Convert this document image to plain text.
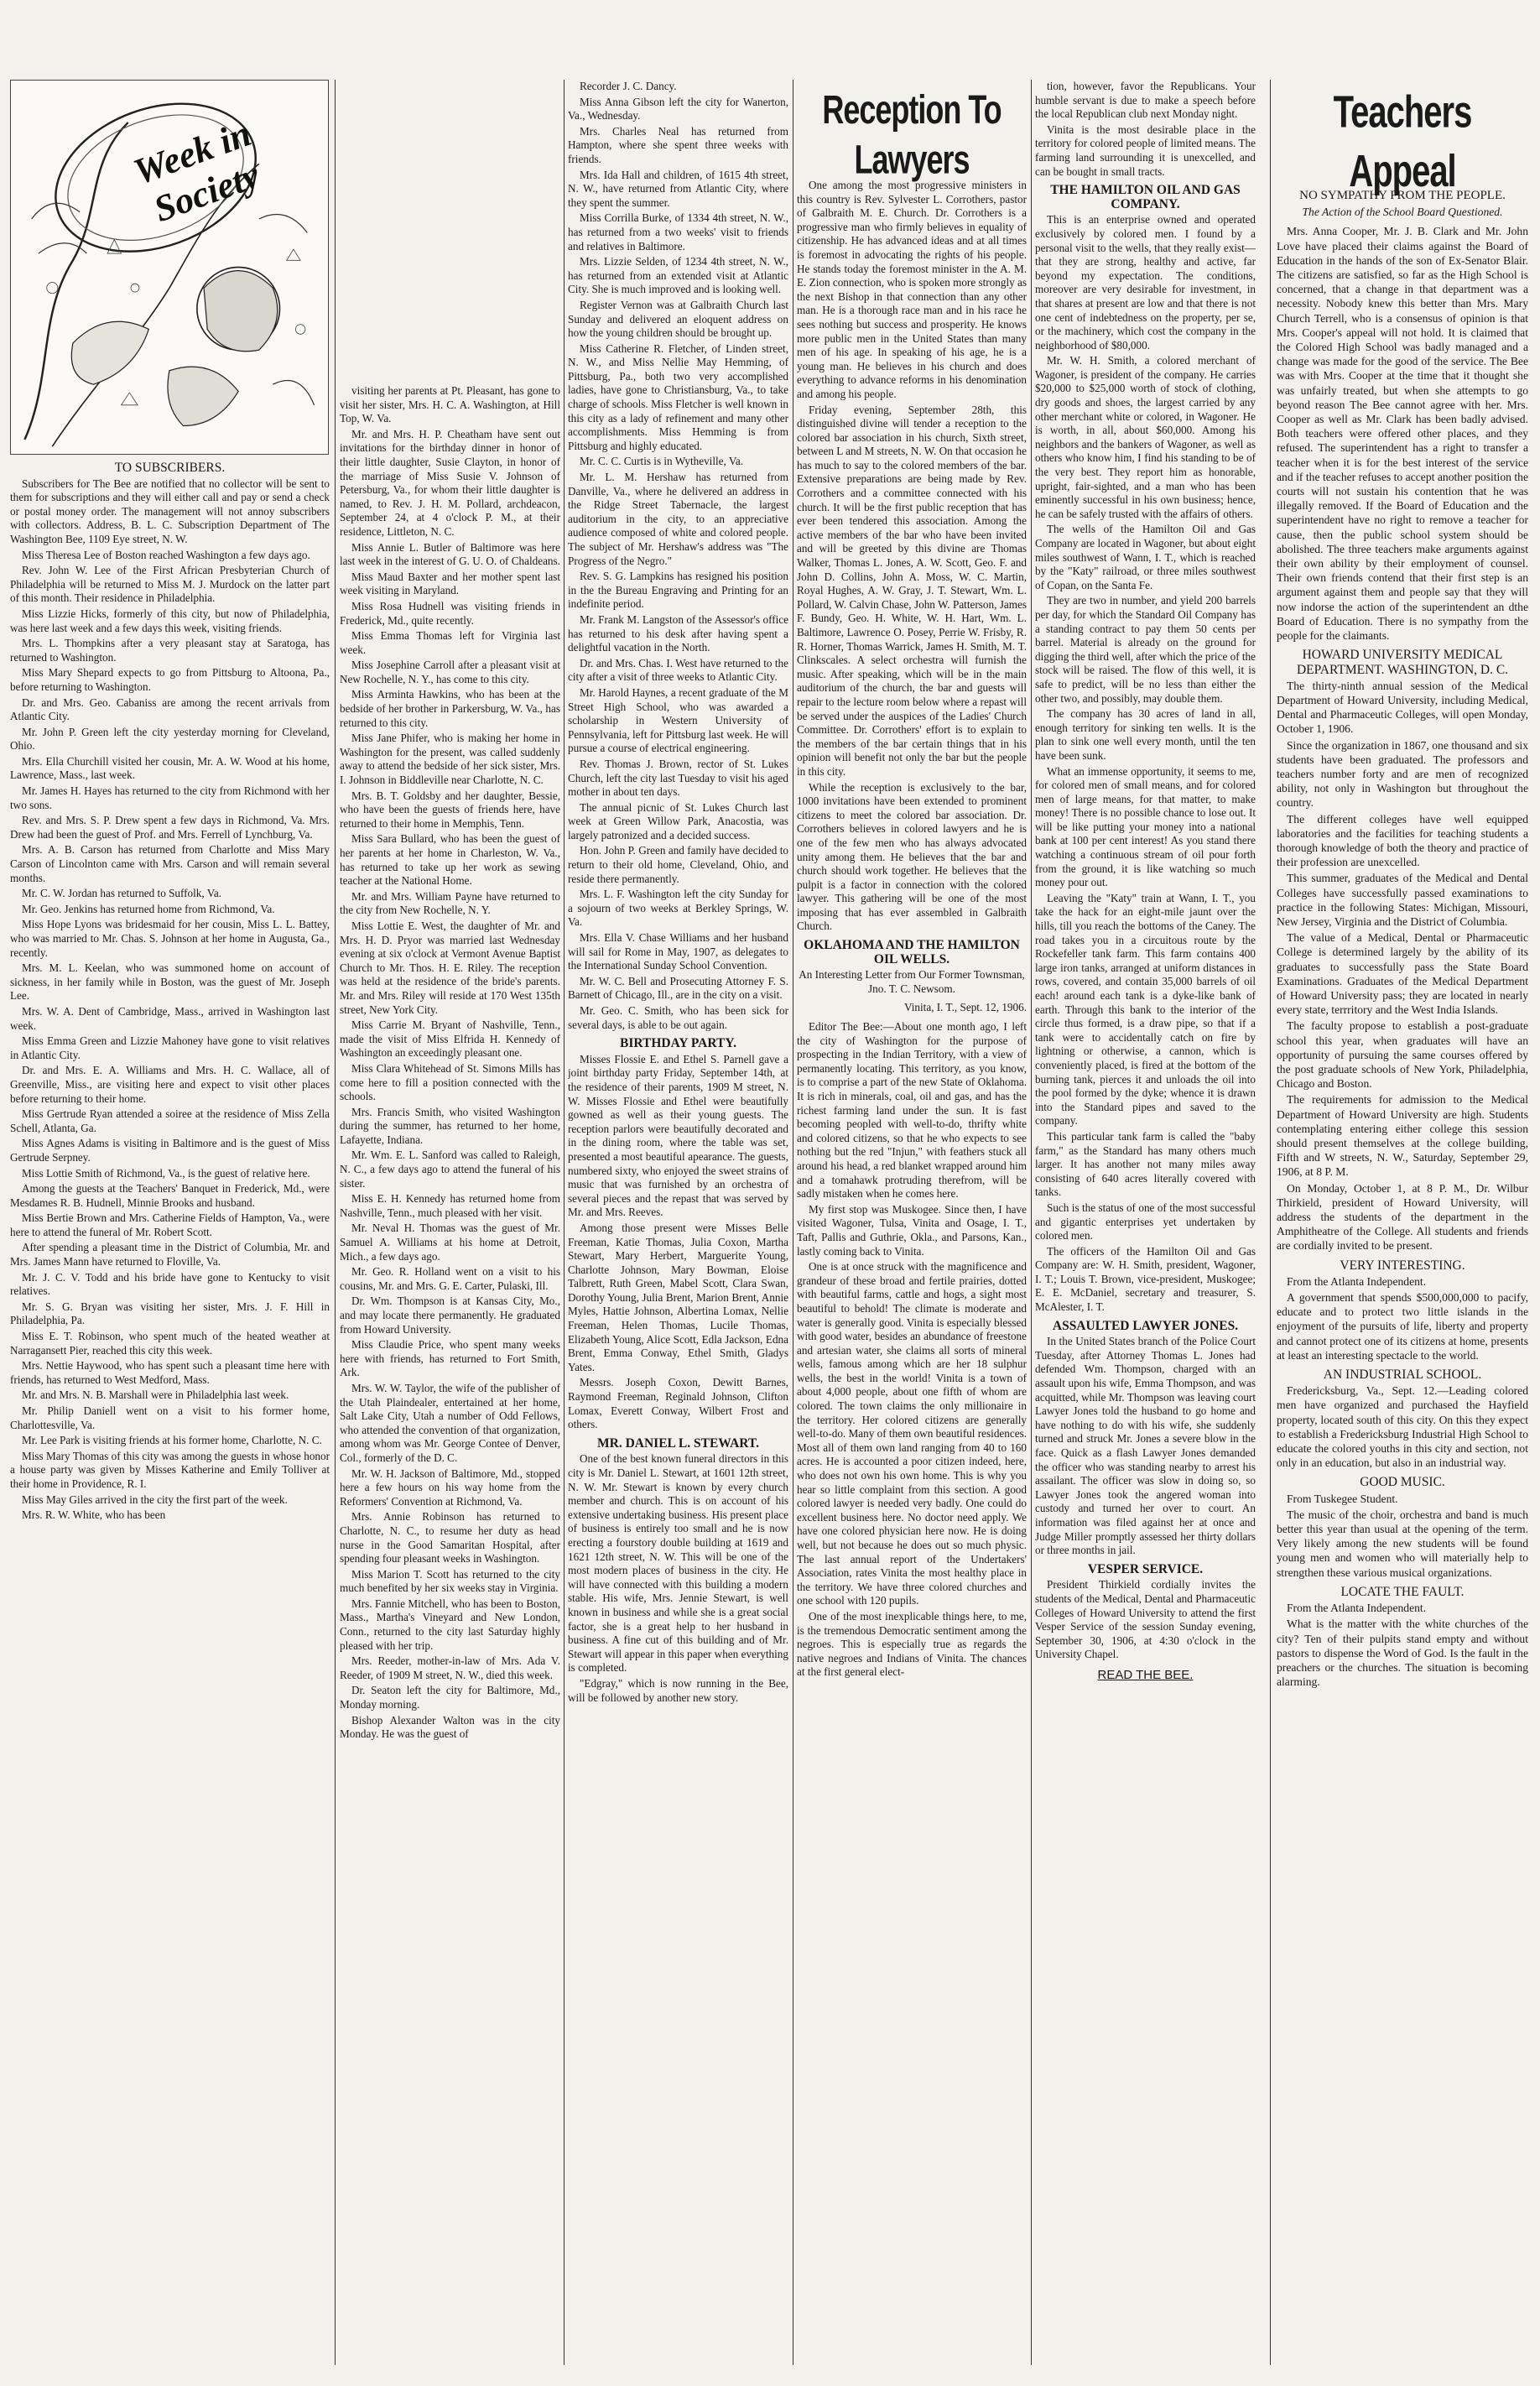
Week in Society
TO SUBSCRIBERS.

Subscribers for The Bee are notified that no collector will be sent to them for subscriptions and they will either call and pay or send a check or postal money order. The management will not annoy subscribers with collectors. Address, B. L. C. Subscription Department of The Washington Bee, 1109 Eye street, N. W.

Miss Theresa Lee of Boston reached Washington a few days ago.

Rev. John W. Lee of the First African Presbyterian Church of Philadelphia will be returned to Miss M. J. Murdock on the latter part of this month. Their residence in Philadelphia.

Miss Lizzie Hicks, formerly of this city, but now of Philadelphia, was here last week and a few days this week, visiting friends.

Mrs. L. Thompkins after a very pleasant stay at Saratoga, has returned to Washington.

Miss Mary Shepard expects to go from Pittsburg to Altoona, Pa., before returning to Washington.

Dr. and Mrs. Geo. Cabaniss are among the recent arrivals from Atlantic City.

Mr. John P. Green left the city yesterday morning for Cleveland, Ohio.

Mrs. Ella Churchill visited her cousin, Mr. A. W. Wood at his home, Lawrence, Mass., last week.

Mr. James H. Hayes has returned to the city from Richmond with her two sons.

Rev. and Mrs. S. P. Drew spent a few days in Richmond, Va. Mrs. Drew had been the guest of Prof. and Mrs. Ferrell of Lynchburg, Va.

Mrs. A. B. Carson has returned from Charlotte and Miss Mary Carson of Lincolnton came with Mrs. Carson and will remain several months.

Mr. C. W. Jordan has returned to Suffolk, Va.

Mr. Geo. Jenkins has returned home from Richmond, Va.

Miss Hope Lyons was bridesmaid for her cousin, Miss L. L. Battey, who was married to Mr. Chas. S. Johnson at her home in Augusta, Ga., recently.

Mrs. M. L. Keelan, who was summoned home on account of sickness, in her family while in Boston, was the guest of Mr. Joseph Lee.

Mrs. W. A. Dent of Cambridge, Mass., arrived in Washington last week.

Miss Emma Green and Lizzie Mahoney have gone to visit relatives in Atlantic City.

Dr. and Mrs. E. A. Williams and Mrs. H. C. Wallace, all of Greenville, Miss., are visiting here and expect to visit other places before returning to their home.

Miss Gertrude Ryan attended a soiree at the residence of Miss Zella Schell, Atlanta, Ga.

Miss Agnes Adams is visiting in Baltimore and is the guest of Miss Gertrude Serpney.

Miss Lottie Smith of Richmond, Va., is the guest of relative here.

Among the guests at the Teachers' Banquet in Frederick, Md., were Mesdames R. B. Hudnell, Minnie Brooks and husband.

Miss Bertie Brown and Mrs. Catherine Fields of Hampton, Va., were here to attend the funeral of Mr. Robert Scott.

After spending a pleasant time in the District of Columbia, Mr. and Mrs. James Mann have returned to Floville, Va.

Mr. J. C. V. Todd and his bride have gone to Kentucky to visit relatives.

Mr. S. G. Bryan was visiting her sister, Mrs. J. F. Hill in Philadelphia, Pa.

Miss E. T. Robinson, who spent much of the heated weather at Narragansett Pier, reached this city this week.

Mrs. Nettie Haywood, who has spent such a pleasant time here with friends, has returned to West Medford, Mass.

Mr. and Mrs. N. B. Marshall were in Philadelphia last week.

Mr. Philip Daniell went on a visit to his former home, Charlottesville, Va.

Mr. Lee Park is visiting friends at his former home, Charlotte, N. C.

Miss Mary Thomas of this city was among the guests in whose honor a house party was given by Misses Katherine and Emily Tolliver at their home in Providence, R. I.

Miss May Giles arrived in the city the first part of the week.

Mrs. R. W. White, who has been

visiting her parents at Pt. Pleasant, has gone to visit her sister, Mrs. H. C. A. Washington, at Hill Top, W. Va.

Mr. and Mrs. H. P. Cheatham have sent out invitations for the birthday dinner in honor of their little daughter, Susie Clayton, in honor of the marriage of Miss Susie V. Johnson of Petersburg, Va., for whom their little daughter is named, to Rev. J. H. M. Pollard, archdeacon, September 24, at 4 o'clock P. M., at their residence, Littleton, N. C.

Miss Annie L. Butler of Baltimore was here last week in the interest of G. U. O. of Chaldeans.

Miss Maud Baxter and her mother spent last week visiting in Maryland.

Miss Rosa Hudnell was visiting friends in Frederick, Md., quite recently.

Miss Emma Thomas left for Virginia last week.

Miss Josephine Carroll after a pleasant visit at New Rochelle, N. Y., has come to this city.

Miss Arminta Hawkins, who has been at the bedside of her brother in Parkersburg, W. Va., has returned to this city.

Miss Jane Phifer, who is making her home in Washington for the present, was called suddenly away to attend the bedside of her sick sister, Mrs. I. Johnson in Biddleville near Charlotte, N. C.

Mrs. B. T. Goldsby and her daughter, Bessie, who have been the guests of friends here, have returned to their home in Memphis, Tenn.

Miss Sara Bullard, who has been the guest of her parents at her home in Charleston, W. Va., has returned to take up her work as sewing teacher at the National Home.

Mr. and Mrs. William Payne have returned to the city from New Rochelle, N. Y.

Miss Lottie E. West, the daughter of Mr. and Mrs. H. D. Pryor was married last Wednesday evening at six o'clock at Vermont Avenue Baptist Church to Mr. Thos. H. E. Riley. The reception was held at the residence of the bride's parents. Mr. and Mrs. Riley will reside at 170 West 135th street, New York City.

Miss Carrie M. Bryant of Nashville, Tenn., made the visit of Miss Elfrida H. Kennedy of Washington an exceedingly pleasant one.

Miss Clara Whitehead of St. Simons Mills has come here to fill a position connected with the schools.

Mrs. Francis Smith, who visited Washington during the summer, has returned to her home, Lafayette, Indiana.

Mr. Wm. E. L. Sanford was called to Raleigh, N. C., a few days ago to attend the funeral of his sister.

Miss E. H. Kennedy has returned home from Nashville, Tenn., much pleased with her visit.

Mr. Neval H. Thomas was the guest of Mr. Samuel A. Williams at his home at Detroit, Mich., a few days ago.

Mr. Geo. R. Holland went on a visit to his cousins, Mr. and Mrs. G. E. Carter, Pulaski, Ill.

Dr. Wm. Thompson is at Kansas City, Mo., and may locate there permanently. He graduated from Howard University.

Miss Claudie Price, who spent many weeks here with friends, has returned to Fort Smith, Ark.

Mrs. W. W. Taylor, the wife of the publisher of the Utah Plaindealer, entertained at her home, Salt Lake City, Utah a number of Odd Fellows, who attended the convention of that organization, among whom was Mr. George Contee of Denver, Col., formerly of the D. C.

Mr. W. H. Jackson of Baltimore, Md., stopped here a few hours on his way home from the Reformers' Convention at Richmond, Va.

Mrs. Annie Robinson has returned to Charlotte, N. C., to resume her duty as head nurse in the Good Samaritan Hospital, after spending four pleasant weeks in Washington.

Miss Marion T. Scott has returned to the city much benefited by her six weeks stay in Virginia.

Mrs. Fannie Mitchell, who has been to Boston, Mass., Martha's Vineyard and New London, Conn., returned to the city last Saturday highly pleased with her trip.

Mrs. Reeder, mother-in-law of Mrs. Ada V. Reeder, of 1909 M street, N. W., died this week.

Dr. Seaton left the city for Baltimore, Md., Monday morning.

Bishop Alexander Walton was in the city Monday. He was the guest of

Recorder J. C. Dancy.

Miss Anna Gibson left the city for Wanerton, Va., Wednesday.

Mrs. Charles Neal has returned from Hampton, where she spent three weeks with friends.

Mrs. Ida Hall and children, of 1615 4th street, N. W., have returned from Atlantic City, where they spent the summer.

Miss Corrilla Burke, of 1334 4th street, N. W., has returned from a two weeks' visit to friends and relatives in Baltimore.

Mrs. Lizzie Selden, of 1234 4th street, N. W., has returned from an extended visit at Atlantic City. She is much improved and is looking well.

Register Vernon was at Galbraith Church last Sunday and delivered an eloquent address on how the young children should be brought up.

Miss Catherine R. Fletcher, of Linden street, N. W., and Miss Nellie May Hemming, of Pittsburg, Pa., both two very accomplished ladies, have gone to Christiansburg, Va., to take charge of schools. Miss Fletcher is well known in this city as a lady of refinement and many other accomplishments. Miss Hemming is from Pittsburg and highly educated.

Mr. C. C. Curtis is in Wytheville, Va.

Mr. L. M. Hershaw has returned from Danville, Va., where he delivered an address in the Ridge Street Tabernacle, the largest auditorium in the city, to an appreciative audience composed of white and colored people. The subject of Mr. Hershaw's address was "The Progress of the Negro."

Rev. S. G. Lampkins has resigned his position in the the Bureau Engraving and Printing for an indefinite period.

Mr. Frank M. Langston of the Assessor's office has returned to his desk after having spent a delightful vacation in the North.

Dr. and Mrs. Chas. I. West have returned to the city after a visit of three weeks to Atlantic City.

Mr. Harold Haynes, a recent graduate of the M Street High School, who was awarded a scholarship in Western University of Pennsylvania, left for Pittsburg last week. He will pursue a course of electrical engineering.

Rev. Thomas J. Brown, rector of St. Lukes Church, left the city last Tuesday to visit his aged mother in about ten days.

The annual picnic of St. Lukes Church last week at Green Willow Park, Anacostia, was largely patronized and a decided success.

Hon. John P. Green and family have decided to return to their old home, Cleveland, Ohio, and reside there permanently.

Mrs. L. F. Washington left the city Sunday for a sojourn of two weeks at Berkley Springs, W. Va.

Mrs. Ella V. Chase Williams and her husband will sail for Rome in May, 1907, as delegates to the International Sunday School Convention.

Mr. W. C. Bell and Prosecuting Attorney F. S. Barnett of Chicago, Ill., are in the city on a visit.

Mr. Geo. C. Smith, who has been sick for several days, is able to be out again.

BIRTHDAY PARTY.

Misses Flossie E. and Ethel S. Parnell gave a joint birthday party Friday, September 14th, at the residence of their parents, 1909 M street, N. W. Misses Flossie and Ethel were beautifully gowned as well as their young guests. The reception parlors were beautifully decorated and in the dining room, where the table was set, presented a most beautiful apearance. The guests, numbered sixty, who enjoyed the sweet strains of music that was furnished by an orchestra of several pieces and the repast that was served by Mr. and Mrs. Reeves.

Among those present were Misses Belle Freeman, Katie Thomas, Julia Coxon, Martha Stewart, Mary Herbert, Marguerite Young, Charlotte Johnson, Mary Bowman, Eloise Talbrett, Ruth Green, Mabel Scott, Clara Swan, Dorothy Young, Julia Brent, Marion Brent, Annie Myles, Hattie Johnson, Albertina Lomax, Nellie Freeman, Helen Thomas, Lucile Thomas, Elizabeth Young, Alice Scott, Edla Jackson, Edna Brent, Emma Conway, Ethel Smith, Gladys Yates.

Messrs. Joseph Coxon, Dewitt Barnes, Raymond Freeman, Reginald Johnson, Clifton Lomax, Everett Conway, Wilbert Frost and others.

MR. DANIEL L. STEWART.

One of the best known funeral directors in this city is Mr. Daniel L. Stewart, at 1601 12th street, N. W. Mr. Stewart is known by every church member and church. This is on account of his extensive undertaking business. His present place of business is entirely too small and he is now erecting a fourstory double building at 1619 and 1621 12th street, N. W. This will be one of the most modern places of business in the city. He will have connected with this building a modern stable. His wife, Mrs. Jennie Stewart, is well known in business and while she is a great social factor, she is a great help to her husband in business. A fine cut of this building and of Mr. Stewart will appear in this paper when everything is completed.

"Edgray," which is now running in the Bee, will be followed by another new story.

Reception To Lawyers

One among the most progressive ministers in this country is Rev. Sylvester L. Corrothers, pastor of Galbraith M. E. Church. Dr. Corrothers is a progressive man who firmly believes in equality of citizenship. He has advanced ideas and at all times is foremost in advocating the rights of his people. He stands today the foremost minister in the A. M. E. Zion connection, who is spoken more strongly as the next Bishop in that connection than any other man. He is a thorough race man and in his race he sees nothing but success and prosperity. He knows more public men in the United States than many men of his age. In speaking of his age, he is a young man. He believes in his church and does everything to advance reforms in his denomination and among his people.

Friday evening, September 28th, this distinguished divine will tender a reception to the colored bar association in his church, Sixth street, between L and M streets, N. W. On that occasion he has much to say to the colored members of the bar. Extensive preparations are being made by Rev. Corrothers and a committee connected with his church. It will be the first public reception that has ever been tendered this association. Among the active members of the bar who have been invited and will be greeted by this divine are Thomas Walker, Thomas L. Jones, A. W. Scott, Geo. F. and John D. Collins, John A. Moss, W. C. Martin, Royal Hughes, A. W. Gray, J. T. Stewart, Wm. L. Pollard, W. Calvin Chase, John W. Patterson, James F. Bundy, Geo. H. White, W. H. Hart, Wm. L. Baltimore, Lawrence O. Posey, Perrie W. Frisby, R. R. Horner, Thomas Warrick, James H. Smith, M. T. Clinkscales. A select orchestra will furnish the music. After speaking, which will be in the main auditorium of the church, the bar and guests will repair to the lecture room below where a repast will be served under the auspices of the Ladies' Church Committee. Dr. Corrothers' effort is to explain to the members of the bar certain things that in his opinion will benefit not only the bar but the people in this city.

While the reception is exclusively to the bar, 1000 invitations have been extended to prominent citizens to meet the colored bar association. Dr. Corrothers believes in colored lawyers and he is one of the few men who has always advocated unity among them. He believes that the bar and church should work together. He believes that the pulpit is a factor in connection with the colored lawyer. This gathering will be one of the most imposing that has ever assembled in Galbraith Church.

OKLAHOMA AND THE HAMILTON OIL WELLS.
An Interesting Letter from Our Former Townsman, Jno. T. C. Newsom.
Vinita, I. T., Sept. 12, 1906.

Editor The Bee:—About one month ago, I left the city of Washington for the purpose of prospecting in the Indian Territory, with a view of permanently locating. This territory, as you know, is to comprise a part of the new State of Oklahoma. It is rich in minerals, coal, oil and gas, and has the richest farming land under the sun. It is fast becoming peopled with well-to-do, thrifty white and colored citizens, so that he who expects to see nothing but the red "Injun," with feathers stuck all around his head, a red blanket wrapped around him and a tomahawk protruding therefrom, will be sadly mistaken when he comes here.

My first stop was Muskogee. Since then, I have visited Wagoner, Tulsa, Vinita and Osage, I. T., Taft, Pallis and Guthrie, Okla., and Parsons, Kan., lastly coming back to Vinita.

One is at once struck with the magnificence and grandeur of these broad and fertile prairies, dotted with beautiful farms, cattle and hogs, a sight most beautiful to behold! The climate is moderate and water is generally good. Vinita is especially blessed with good water, besides an abundance of freestone and artesian water, she claims all sorts of mineral wells, famous among which are her 18 sulphur wells, the best in the world! Vinita is a town of about 4,000 people, about one fifth of whom are colored. The town claims the only millionaire in the territory. Her colored citizens are generally well-to-do. Many of them own beautiful residences. Most all of them own land ranging from 40 to 160 acres. He is accounted a poor citizen indeed, here, who does not own his own home. This is why you hear so little complaint from this section. A good colored lawyer is needed very badly. One could do excellent business here. No doctor need apply. We have one colored physician here now. He is doing well, but not because he does out so much physic. The last annual report of the Undertakers' Association, rates Vinita the most healthy place in the territory. We have three colored churches and one school with 120 pupils.

One of the most inexplicable things here, to me, is the tremendous Democratic sentiment among the negroes. This is especially true as regards the native negroes and Indians of Vinita. The chances at the first general elect-

tion, however, favor the Republicans. Your humble servant is due to make a speech before the local Republican club next Monday night.

Vinita is the most desirable place in the territory for colored people of limited means. The farming land surrounding it is unexcelled, and can be bought in small tracts.

THE HAMILTON OIL AND GAS COMPANY.

This is an enterprise owned and operated exclusively by colored men. I found by a personal visit to the wells, that they really exist—that they are strong, healthy and active, far beyond my expectation. The conditions, moreover are very desirable for investment, in that shares at present are low and that there is not one cent of indebtedness on the property, per se, or the machinery, which cost the company in the neighborhood of $80,000.

Mr. W. H. Smith, a colored merchant of Wagoner, is president of the company. He carries $20,000 to $25,000 worth of stock of clothing, dry goods and shoes, the largest carried by any other merchant white or colored, in Wagoner. He is worth, in all, about $60,000. Among his neighbors and the bankers of Wagoner, as well as others who know him, I find his standing to be of the very best. They report him as honorable, upright, fair-sighted, and a man who has been eminently successful in his own business; hence, he can be safely trusted with the affairs of others.

The wells of the Hamilton Oil and Gas Company are located in Wagoner, but about eight miles southwest of Wann, I. T., which is reached by the "Katy" railroad, or three miles southwest of Copan, on the Santa Fe.

They are two in number, and yield 200 barrels per day, for which the Standard Oil Company has a standing contract to pay them 50 cents per barrel. Material is already on the ground for digging the third well, after which the price of the stock will be raised. The flow of this well, it is safe to predict, will be no less than either the other two, and possibly, may double them.

The company has 30 acres of land in all, enough territory for sinking ten wells. It is the plan to sink one well every month, until the ten have been sunk.

What an immense opportunity, it seems to me, for colored men of small means, and for colored men of large means, for that matter, to make money! There is no possible chance to lose out. It will be like putting your money into a national bank at 100 per cent interest! As you stand there watching a continuous stream of oil pour forth from the ground, it is like watching so much money pour out.

Leaving the "Katy" train at Wann, I. T., you take the hack for an eight-mile jaunt over the hills, till you reach the bottoms of the Caney. The road takes you in a circuitous route by the Rockefeller tank farm. This farm contains 400 large iron tanks, arranged at uniform distances in rows, covered, and contain 35,000 barrels of oil each! around each tank is a dyke-like bank of earth. Through this bank to the interior of the circle thus formed, is a draw pipe, so that if a tank were to accidentally catch on fire by lightning or otherwise, a cannon, which is conveniently placed, is fired at the bottom of the burning tank, pierces it and unloads the oil into the pool formed by the dyke; whence it is drawn into the Standard pipes and saved to the company.

This particular tank farm is called the "baby farm," as the Standard has many others much larger. It has another not many miles away consisting of 640 acres literally covered with tanks.

Such is the status of one of the most successful and gigantic enterprises yet undertaken by colored men.

The officers of the Hamilton Oil and Gas Company are: W. H. Smith, president, Wagoner, I. T.; Louis T. Brown, vice-president, Muskogee; E. E. McDaniel, secretary and treasurer, S. McAlester, I. T.

ASSAULTED LAWYER JONES.

In the United States branch of the Police Court Tuesday, after Attorney Thomas L. Jones had defended Wm. Thompson, charged with an assault upon his wife, Emma Thompson, and was acquitted, while Mr. Thompson was leaving court Lawyer Jones told the husband to go home and have nothing to do with his wife, she suddenly turned and struck Mr. Jones a severe blow in the face. Quick as a flash Lawyer Jones demanded the officer who was standing nearby to arrest his assailant. The officer was slow in doing so, so Lawyer Jones took the angered woman into custody and turned her over to court. An information was filed against her at once and Judge Miller promptly assessed her thirty dollars or three months in jail.

VESPER SERVICE.

President Thirkield cordially invites the students of the Medical, Dental and Pharmaceutic Colleges of Howard University to attend the first Vesper Service of the session Sunday evening, September 30, 1906, at 4:30 o'clock in the University Chapel.

READ THE BEE.
Teachers Appeal
NO SYMPATHY FROM THE PEOPLE.
The Action of the School Board Questioned.

Mrs. Anna Cooper, Mr. J. B. Clark and Mr. John Love have placed their claims against the Board of Education in the hands of the son of Ex-Senator Blair. The citizens are satisfied, so far as the High School is concerned, that a change in that department was a necessity. Nobody knew this better than Mrs. Mary Church Terrell, who is a consensus of opinion is that Mrs. Cooper's appeal will not hold. It is claimed that the Colored High School was badly managed and a change was made for the good of the service. The Bee was with Mrs. Cooper at the time that it thought she was unfairly treated, but when she attempts to go beyond reason The Bee cannot agree with her. Mrs. Cooper as well as Mr. Clark has been badly advised. Both teachers were offered other places, and they refused. The superintendent has a right to transfer a teacher when it is for the best interest of the service and if the teacher refuses to accept another position the courts will not sustain his contention that he was illegally removed. If the Board of Education and the superintendent have no right to remove a teacher for cause, then the public school system should be abolished. The three teachers make arguments against their own ability by their employment of counsel. Their own friends contend that their first step is an argument against them and people say that they will now indorse the action of the superintendent an dthe Board of Education. There is no sympathy from the people for the claimants.

HOWARD UNIVERSITY MEDICAL DEPARTMENT. WASHINGTON, D. C.

The thirty-ninth annual session of the Medical Department of Howard University, including Medical, Dental and Pharmaceutic Colleges, will open Monday, October 1, 1906.

Since the organization in 1867, one thousand and six students have been graduated. The professors and teachers number forty and are men of recognized ability, not only in Washington but throughout the country.

The different colleges have well equipped laboratories and the facilities for teaching students a thorough knowledge of both the theory and practice of their profession are unexcelled.

This summer, graduates of the Medical and Dental Colleges have successfully passed examinations to practice in the following States: Michigan, Missouri, New Jersey, Virginia and the District of Columbia.

The value of a Medical, Dental or Pharmaceutic College is determined largely by the ability of its graduates to successfully pass the State Board Examinations. Graduates of the Medical Department of Howard University pass; they are located in nearly every state, terrritory and the West India Islands.

The faculty propose to establish a post-graduate school this year, when graduates will have an opportunity of pursuing the same courses offered by the post graduate schools of New York, Philadelphia, Chicago and Boston.

The requirements for admission to the Medical Department of Howard University are high. Students contemplating entering either college this session should present themselves at the college building, Fifth and W streets, N. W., Saturday, September 29, 1906, at 8 P. M.

On Monday, October 1, at 8 P. M., Dr. Wilbur Thirkield, president of Howard University, will address the students of the department in the Amphitheatre of the College. All students and friends are cordially invited to be present.

VERY INTERESTING.

From the Atlanta Independent.

A government that spends $500,000,000 to pacify, educate and to protect two little islands in the enjoyment of the pursuits of life, liberty and property and cannot protect one of its citizens at home, presents at least an interesting spectacle to the world.

AN INDUSTRIAL SCHOOL.

Fredericksburg, Va., Sept. 12.—Leading colored men have organized and purchased the Hayfield property, located south of this city. On this they expect to establish a Fredericksburg Industrial High School to educate the colored youths in this city and section, not only in an education, but also in an industrial way.

GOOD MUSIC.

From Tuskegee Student.

The music of the choir, orchestra and band is much better this year than usual at the opening of the term. Very likely among the new students will be found young men and women who will materially help to strengthen these various musical organizations.

LOCATE THE FAULT.

From the Atlanta Independent.

What is the matter with the white churches of the city? Ten of their pulpits stand empty and without pastors to dispense the Word of God. Is the fault in the preachers or the churches. The situation is becoming alarming.
